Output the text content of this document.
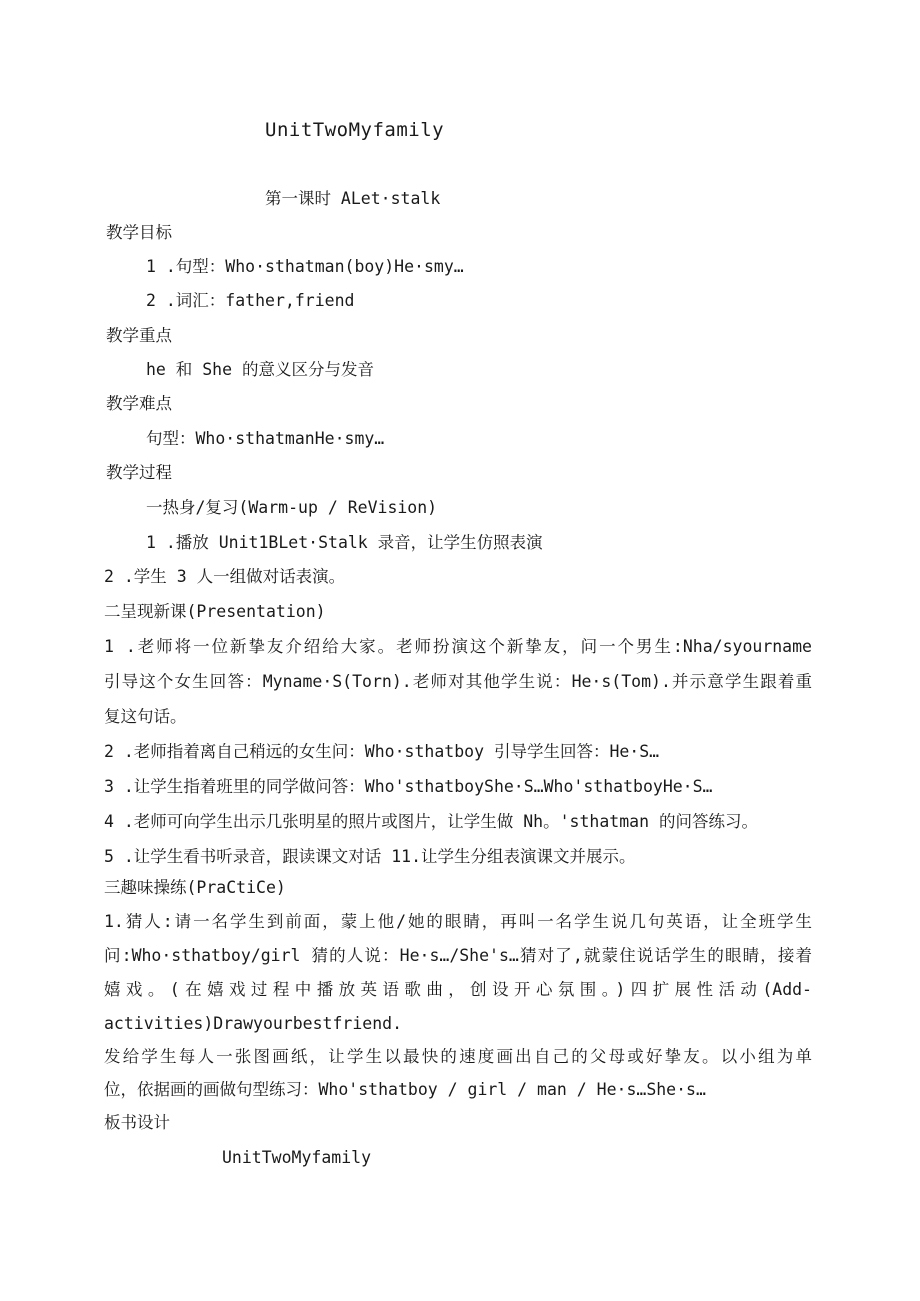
UnitTwoMyfamily

第一课时 ALet·stalk

教学目标

1 .句型：Who·sthatman(boy)He·smy…

2 .词汇：father,friend

教学重点

he 和 She 的意义区分与发音

教学难点

句型：Who·sthatmanHe·smy…

教学过程

一热身/复习(Warm-up / ReVision)

1 .播放 Unit1BLet·Stalk 录音，让学生仿照表演

2 .学生 3 人一组做对话表演。

二呈现新课(Presentation)

1 .老师将一位新挚友介绍给大家。老师扮演这个新挚友，问一个男生:Nha/syourname

引导这个女生回答：Myname·S(Torn).老师对其他学生说：He·s(Tom).并示意学生跟着重

复这句话。

2 .老师指着离自己稍远的女生问：Who·sthatboy 引导学生回答：He·S…

3 .让学生指着班里的同学做问答：Who'sthatboyShe·S…Who'sthatboyHe·S…

4 .老师可向学生出示几张明星的照片或图片，让学生做 Nh。'sthatman 的问答练习。

5 .让学生看书听录音，跟读课文对话 11.让学生分组表演课文并展示。

三趣味操练(PraCtiCe)

1.猜人:请一名学生到前面，蒙上他/她的眼睛，再叫一名学生说几句英语，让全班学生

问:Who·sthatboy/girl 猜的人说：He·s…/She's…猜对了,就蒙住说话学生的眼睛，接着

嬉戏。(在嬉戏过程中播放英语歌曲，创设开心氛围。)四扩展性活动(Add-

activities)Drawyourbestfriend.

发给学生每人一张图画纸，让学生以最快的速度画出自己的父母或好挚友。以小组为单

位，依据画的画做句型练习：Who'sthatboy / girl / man / He·s…She·s…

板书设计

UnitTwoMyfamily
